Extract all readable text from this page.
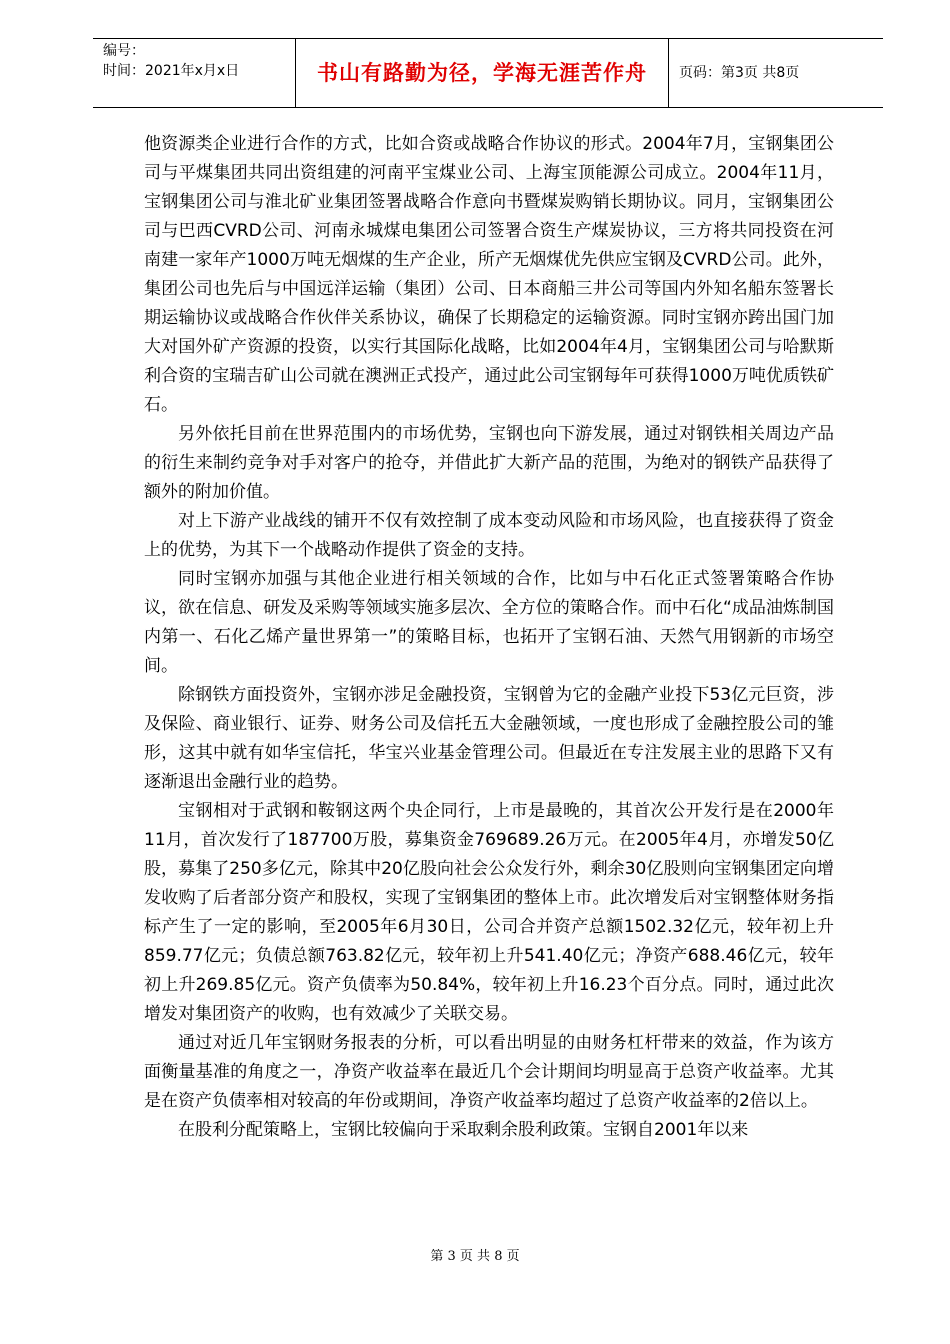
编号：
时间：2021年x月x日	书山有路勤为径，学海无涯苦作舟	页码：第3页 共8页

他资源类企业进行合作的方式，比如合资或战略合作协议的形式。2004年7月，宝钢集团公司与平煤集团共同出资组建的河南平宝煤业公司、上海宝顶能源公司成立。2004年11月，宝钢集团公司与淮北矿业集团签署战略合作意向书暨煤炭购销长期协议。同月，宝钢集团公司与巴西CVRD公司、河南永城煤电集团公司签署合资生产煤炭协议，三方将共同投资在河南建一家年产1000万吨无烟煤的生产企业，所产无烟煤优先供应宝钢及CVRD公司。此外，集团公司也先后与中国远洋运输（集团）公司、日本商船三井公司等国内外知名船东签署长期运输协议或战略合作伙伴关系协议，确保了长期稳定的运输资源。同时宝钢亦跨出国门加大对国外矿产资源的投资，以实行其国际化战略，比如2004年4月，宝钢集团公司与哈默斯利合资的宝瑞吉矿山公司就在澳洲正式投产，通过此公司宝钢每年可获得1000万吨优质铁矿石。

另外依托目前在世界范围内的市场优势，宝钢也向下游发展，通过对钢铁相关周边产品的衍生来制约竞争对手对客户的抢夺，并借此扩大新产品的范围，为绝对的钢铁产品获得了额外的附加价值。

对上下游产业战线的铺开不仅有效控制了成本变动风险和市场风险，也直接获得了资金上的优势，为其下一个战略动作提供了资金的支持。

同时宝钢亦加强与其他企业进行相关领域的合作，比如与中石化正式签署策略合作协议，欲在信息、研发及采购等领域实施多层次、全方位的策略合作。而中石化“成品油炼制国内第一、石化乙烯产量世界第一”的策略目标，也拓开了宝钢石油、天然气用钢新的市场空间。

除钢铁方面投资外，宝钢亦涉足金融投资，宝钢曾为它的金融产业投下53亿元巨资，涉及保险、商业银行、证券、财务公司及信托五大金融领域，一度也形成了金融控股公司的雏形，这其中就有如华宝信托，华宝兴业基金管理公司。但最近在专注发展主业的思路下又有逐渐退出金融行业的趋势。

宝钢相对于武钢和鞍钢这两个央企同行，上市是最晚的，其首次公开发行是在2000年11月，首次发行了187700万股，募集资金769689.26万元。在2005年4月，亦增发50亿股，募集了250多亿元，除其中20亿股向社会公众发行外，剩余30亿股则向宝钢集团定向增发收购了后者部分资产和股权，实现了宝钢集团的整体上市。此次增发后对宝钢整体财务指标产生了一定的影响，至2005年6月30日，公司合并资产总额1502.32亿元，较年初上升859.77亿元；负债总额763.82亿元，较年初上升541.40亿元；净资产688.46亿元，较年初上升269.85亿元。资产负债率为50.84%，较年初上升16.23个百分点。同时，通过此次增发对集团资产的收购，也有效减少了关联交易。

通过对近几年宝钢财务报表的分析，可以看出明显的由财务杠杆带来的效益，作为该方面衡量基准的角度之一，净资产收益率在最近几个会计期间均明显高于总资产收益率。尤其是在资产负债率相对较高的年份或期间，净资产收益率均超过了总资产收益率的2倍以上。

在股利分配策略上，宝钢比较偏向于采取剩余股利政策。宝钢自2001年以来

第 3 页 共 8 页
